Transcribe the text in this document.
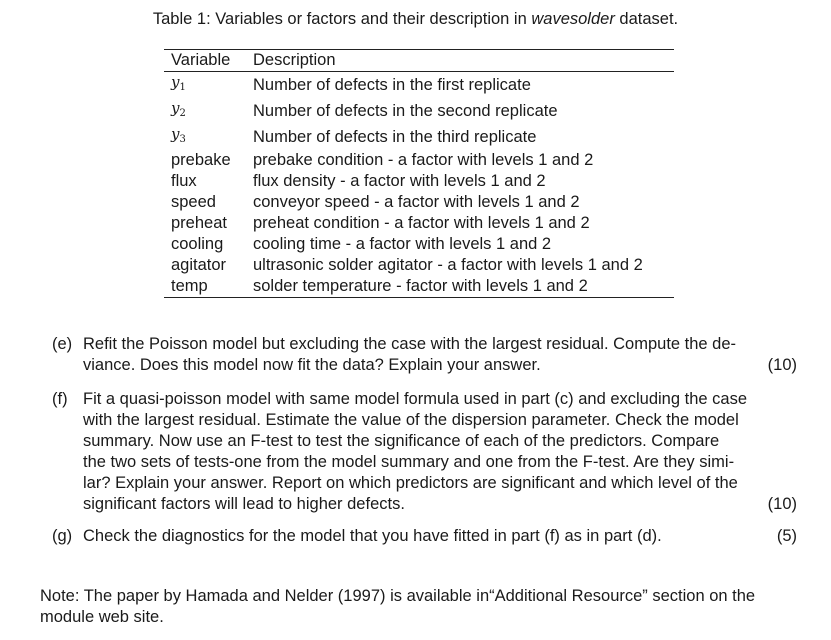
Table 1: Variables or factors and their description in wavesolder dataset.
Variable	Description
$y_1$	Number of defects in the first replicate
$y_2$	Number of defects in the second replicate
$y_3$	Number of defects in the third replicate
prebake	prebake condition - a factor with levels 1 and 2
flux	flux density - a factor with levels 1 and 2
speed	conveyor speed - a factor with levels 1 and 2
preheat	preheat condition - a factor with levels 1 and 2
cooling	cooling time - a factor with levels 1 and 2
agitator	ultrasonic solder agitator - a factor with levels 1 and 2
temp	solder temperature - factor with levels 1 and 2
(e) Refit the Poisson model but excluding the case with the largest residual. Compute the de-
viance. Does this model now fit the data? Explain your answer.	(10)
(f) Fit a quasi-poisson model with same model formula used in part (c) and excluding the case
with the largest residual. Estimate the value of the dispersion parameter. Check the model
summary. Now use an F-test to test the significance of each of the predictors. Compare
the two sets of tests-one from the model summary and one from the F-test. Are they simi-
lar? Explain your answer. Report on which predictors are significant and which level of the
significant factors will lead to higher defects.	(10)
(g) Check the diagnostics for the model that you have fitted in part (f) as in part (d).	(5)
Note: The paper by Hamada and Nelder (1997) is available in“Additional Resource” section on the module web site.
